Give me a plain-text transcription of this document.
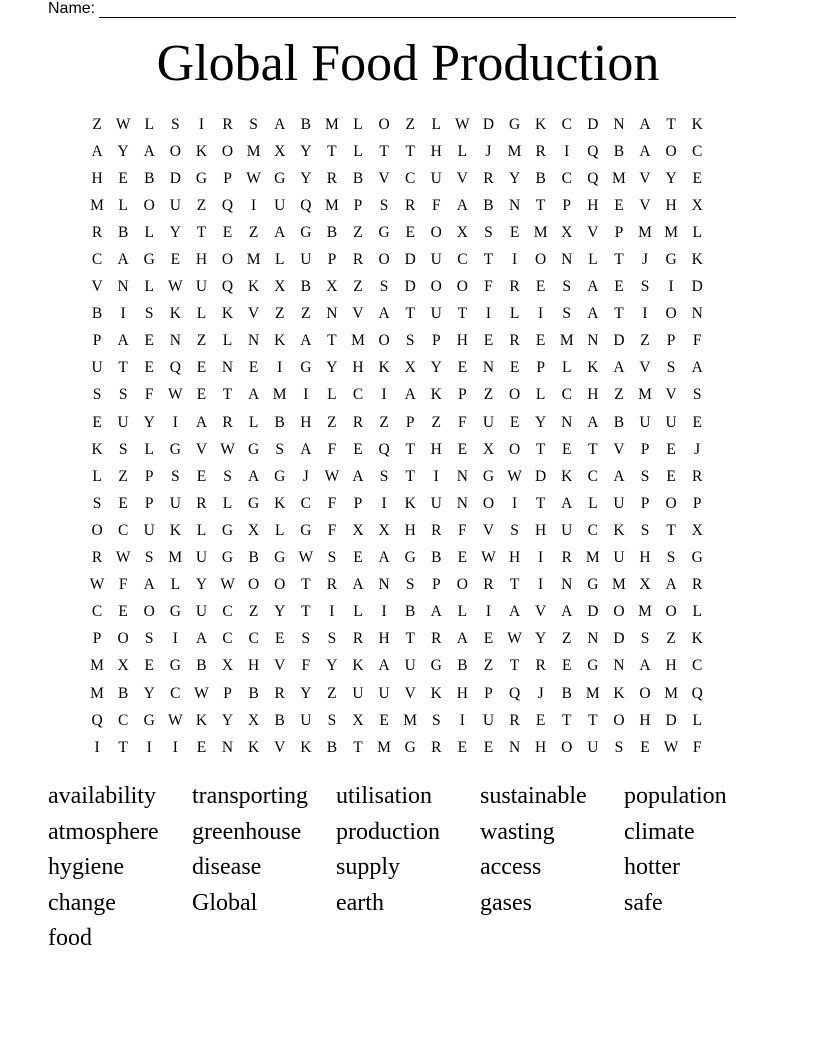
Name:
Global Food Production
Z W L	S	I	R	S	A B M L	O	Z	L W D G K C D N A	T	K
A Y A O K O M X Y	T	L	T	T	H	L	J	M R	I	Q B A O C
H	E	B D G	P W G Y R	B V C U V R Y B	C Q M V Y	E
M L	O U	Z	Q	I	U Q M P	S	R	F	A B N	T	P	H	E	V H X
R	B	L	Y	T	E	Z	A G B	Z	G	E	O X	S	E M X V	P M M L
C A G	E	H O M L	U	P	R O D U C	T	I	O N	L	T	J	G K
V N	L W U Q K X B X	Z	S	D O O	F	R	E	S	A	E	S	I	D
B	I	S	K	L	K V	Z	Z	N V A	T	U	T	I	L	I	S	A	T	I	O N
P	A	E	N	Z	L	N K A	T M O	S	P	H	E	R	E M N D	Z	P	F
U	T	E	Q	E	N	E	I	G Y H K X Y	E	N	E	P	L	K A V	S	A
S	S	F W E	T	A M	I	L	C	I	A K	P	Z	O	L	C H	Z M V	S
E	U Y	I	A R	L	B H	Z	R	Z	P	Z	F	U	E	Y N A B U U	E
K	S	L	G V W G	S	A	F	E	Q	T	H	E	X O	T	E	T	V	P	E	J
L	Z	P	S	E	S	A G	J	W A	S	T	I	N G W D K C A	S	E	R
S	E	P	U R	L	G K C	F	P	I	K U N O	I	T	A	L	U	P	O	P
O C U K	L	G X	L	G	F	X X H R	F	V	S	H U C K	S	T	X
R W S M U G B G W S	E	A G B	E W H	I	R M U H	S	G
W F	A	L	Y W O O	T	R A N	S	P	O R	T	I	N G M X A R
C	E	O G U C	Z	Y	T	I	L	I	B A	L	I	A V A D O M O	L
P	O	S	I	A C	C	E	S	S	R H	T	R A	E W Y	Z	N D	S	Z	K
M X	E	G B X H V	F	Y K A U G B	Z	T	R	E	G N A H C
M B Y C W P	B	R Y	Z	U U V K H	P	Q	J	B M K O M Q
Q C G W K Y X B U	S	X	E M S	I	U R	E	T	T	O H D	L
I	T	I	I	E	N K V K B	T M G R	E	E	N H O U	S	E W F
availability	transporting	utilisation	sustainable	population
atmosphere	greenhouse	production	wasting	climate
hygiene	disease	supply	access	hotter
change	Global	earth	gases	safe
food
